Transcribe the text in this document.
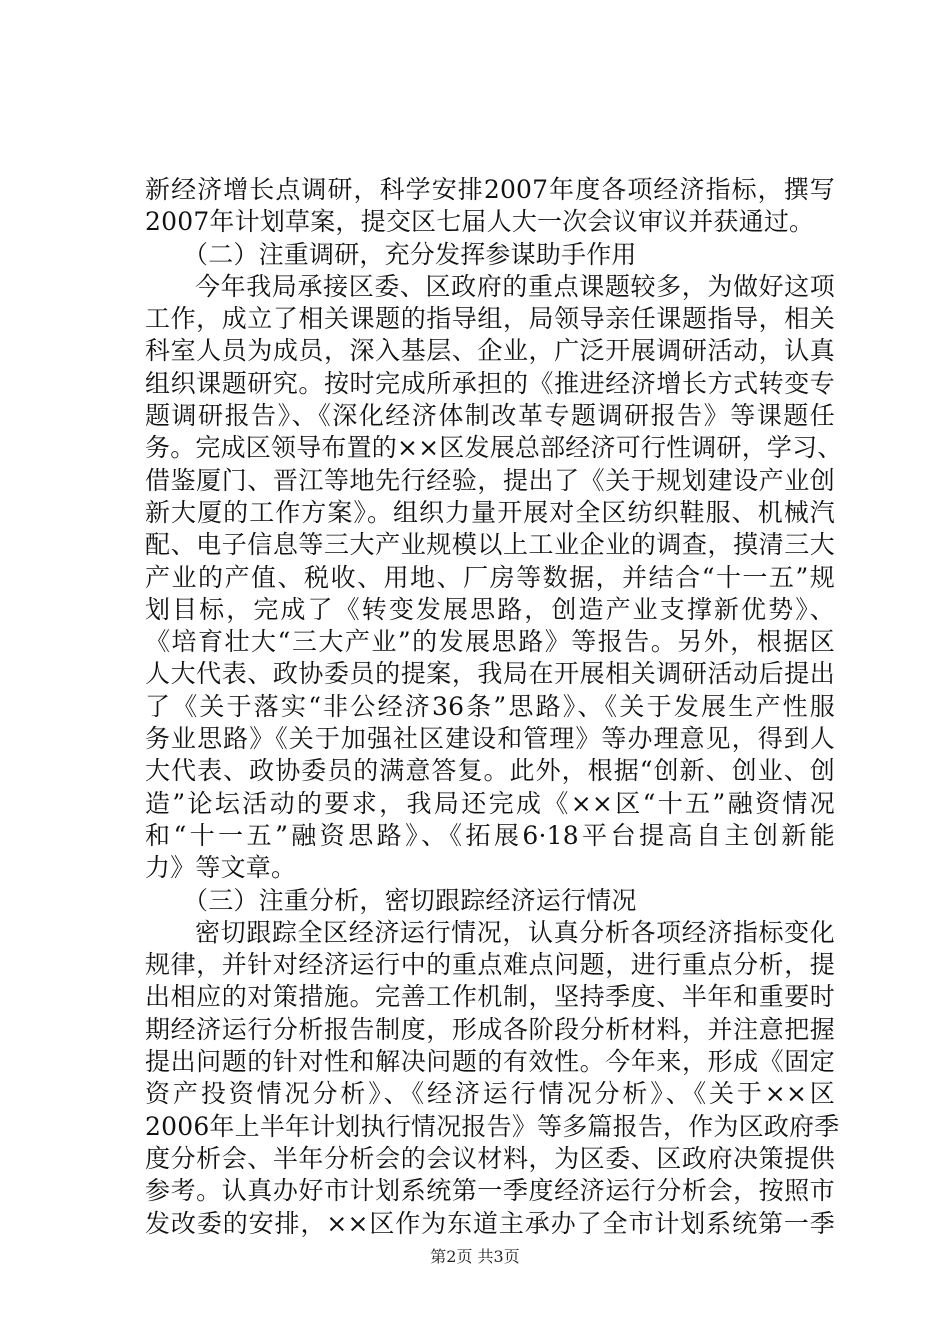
新经济增长点调研，科学安排2007年度各项经济指标，撰写
2007年计划草案，提交区七届人大一次会议审议并获通过。
（二）注重调研，充分发挥参谋助手作用
今年我局承接区委、区政府的重点课题较多，为做好这项
工作，成立了相关课题的指导组，局领导亲任课题指导，相关
科室人员为成员，深入基层、企业，广泛开展调研活动，认真
组织课题研究。按时完成所承担的《推进经济增长方式转变专
题调研报告》、《深化经济体制改革专题调研报告》等课题任
务。完成区领导布置的××区发展总部经济可行性调研，学习、
借鉴厦门、晋江等地先行经验，提出了《关于规划建设产业创
新大厦的工作方案》。组织力量开展对全区纺织鞋服、机械汽
配、电子信息等三大产业规模以上工业企业的调查，摸清三大
产业的产值、税收、用地、厂房等数据，并结合“十一五”规
划目标，完成了《转变发展思路，创造产业支撑新优势》、
《培育壮大“三大产业”的发展思路》等报告。另外，根据区
人大代表、政协委员的提案，我局在开展相关调研活动后提出
了《关于落实“非公经济36条”思路》、《关于发展生产性服
务业思路》《关于加强社区建设和管理》等办理意见，得到人
大代表、政协委员的满意答复。此外，根据“创新、创业、创
造”论坛活动的要求，我局还完成《××区“十五”融资情况
和“十一五”融资思路》、《拓展6·18平台提高自主创新能
力》等文章。
（三）注重分析，密切跟踪经济运行情况
密切跟踪全区经济运行情况，认真分析各项经济指标变化
规律，并针对经济运行中的重点难点问题，进行重点分析，提
出相应的对策措施。完善工作机制，坚持季度、半年和重要时
期经济运行分析报告制度，形成各阶段分析材料，并注意把握
提出问题的针对性和解决问题的有效性。今年来，形成《固定
资产投资情况分析》、《经济运行情况分析》、《关于××区
2006年上半年计划执行情况报告》等多篇报告，作为区政府季
度分析会、半年分析会的会议材料，为区委、区政府决策提供
参考。认真办好市计划系统第一季度经济运行分析会，按照市
发改委的安排，××区作为东道主承办了全市计划系统第一季
第2页 共3页
